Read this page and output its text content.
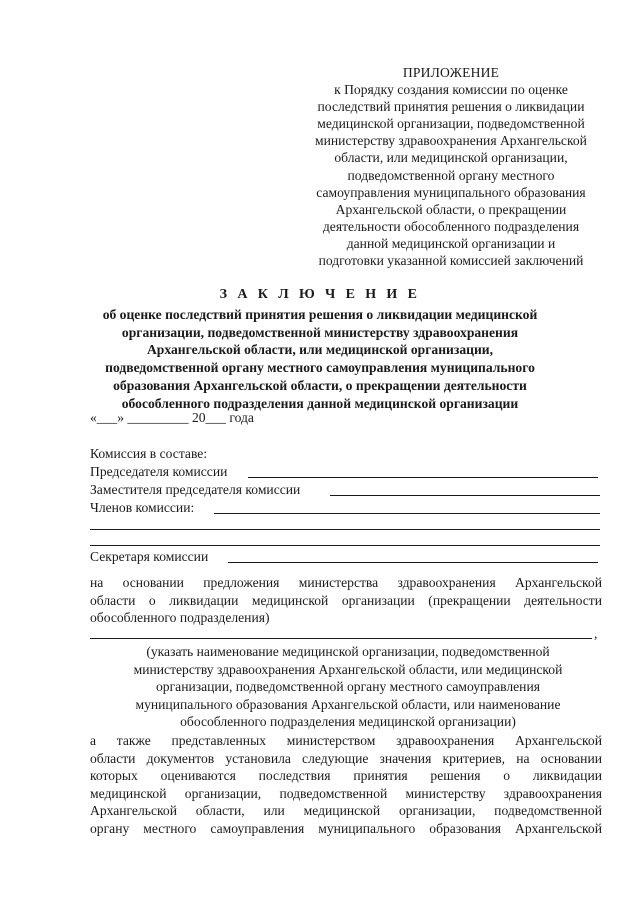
ПРИЛОЖЕНИЕ
к Порядку создания комиссии по оценке
последствий принятия решения о ликвидации
медицинской организации, подведомственной
министерству здравоохранения Архангельской
области, или медицинской организации,
подведомственной органу местного
самоуправления муниципального образования
Архангельской области, о прекращении
деятельности обособленного подразделения
данной медицинской организации и
подготовки указанной комиссией заключений
З А К Л Ю Ч Е Н И Е
об оценке последствий принятия решения о ликвидации медицинской
организации, подведомственной министерству здравоохранения
Архангельской области, или медицинской организации,
подведомственной органу местного самоуправления муниципального
образования Архангельской области, о прекращении деятельности
обособленного подразделения данной медицинской организации
«___» _________ 20___ года
Комиссия в составе:
Председателя комиссии
Заместителя председателя комиссии
Членов комиссии:
Секретаря комиссии
на основании предложения министерства здравоохранения Архангельской
области о ликвидации медицинской организации (прекращении деятельности
обособленного подразделения)
,
(указать наименование медицинской организации, подведомственной
министерству здравоохранения Архангельской области, или медицинской
организации, подведомственной органу местного самоуправления
муниципального образования Архангельской области, или наименование
обособленного подразделения медицинской организации)
а также представленных министерством здравоохранения Архангельской
области документов установила следующие значения критериев, на основании
которых оцениваются последствия принятия решения о ликвидации
медицинской организации, подведомственной министерству здравоохранения
Архангельской области, или медицинской организации, подведомственной
органу местного самоуправления муниципального образования Архангельской
